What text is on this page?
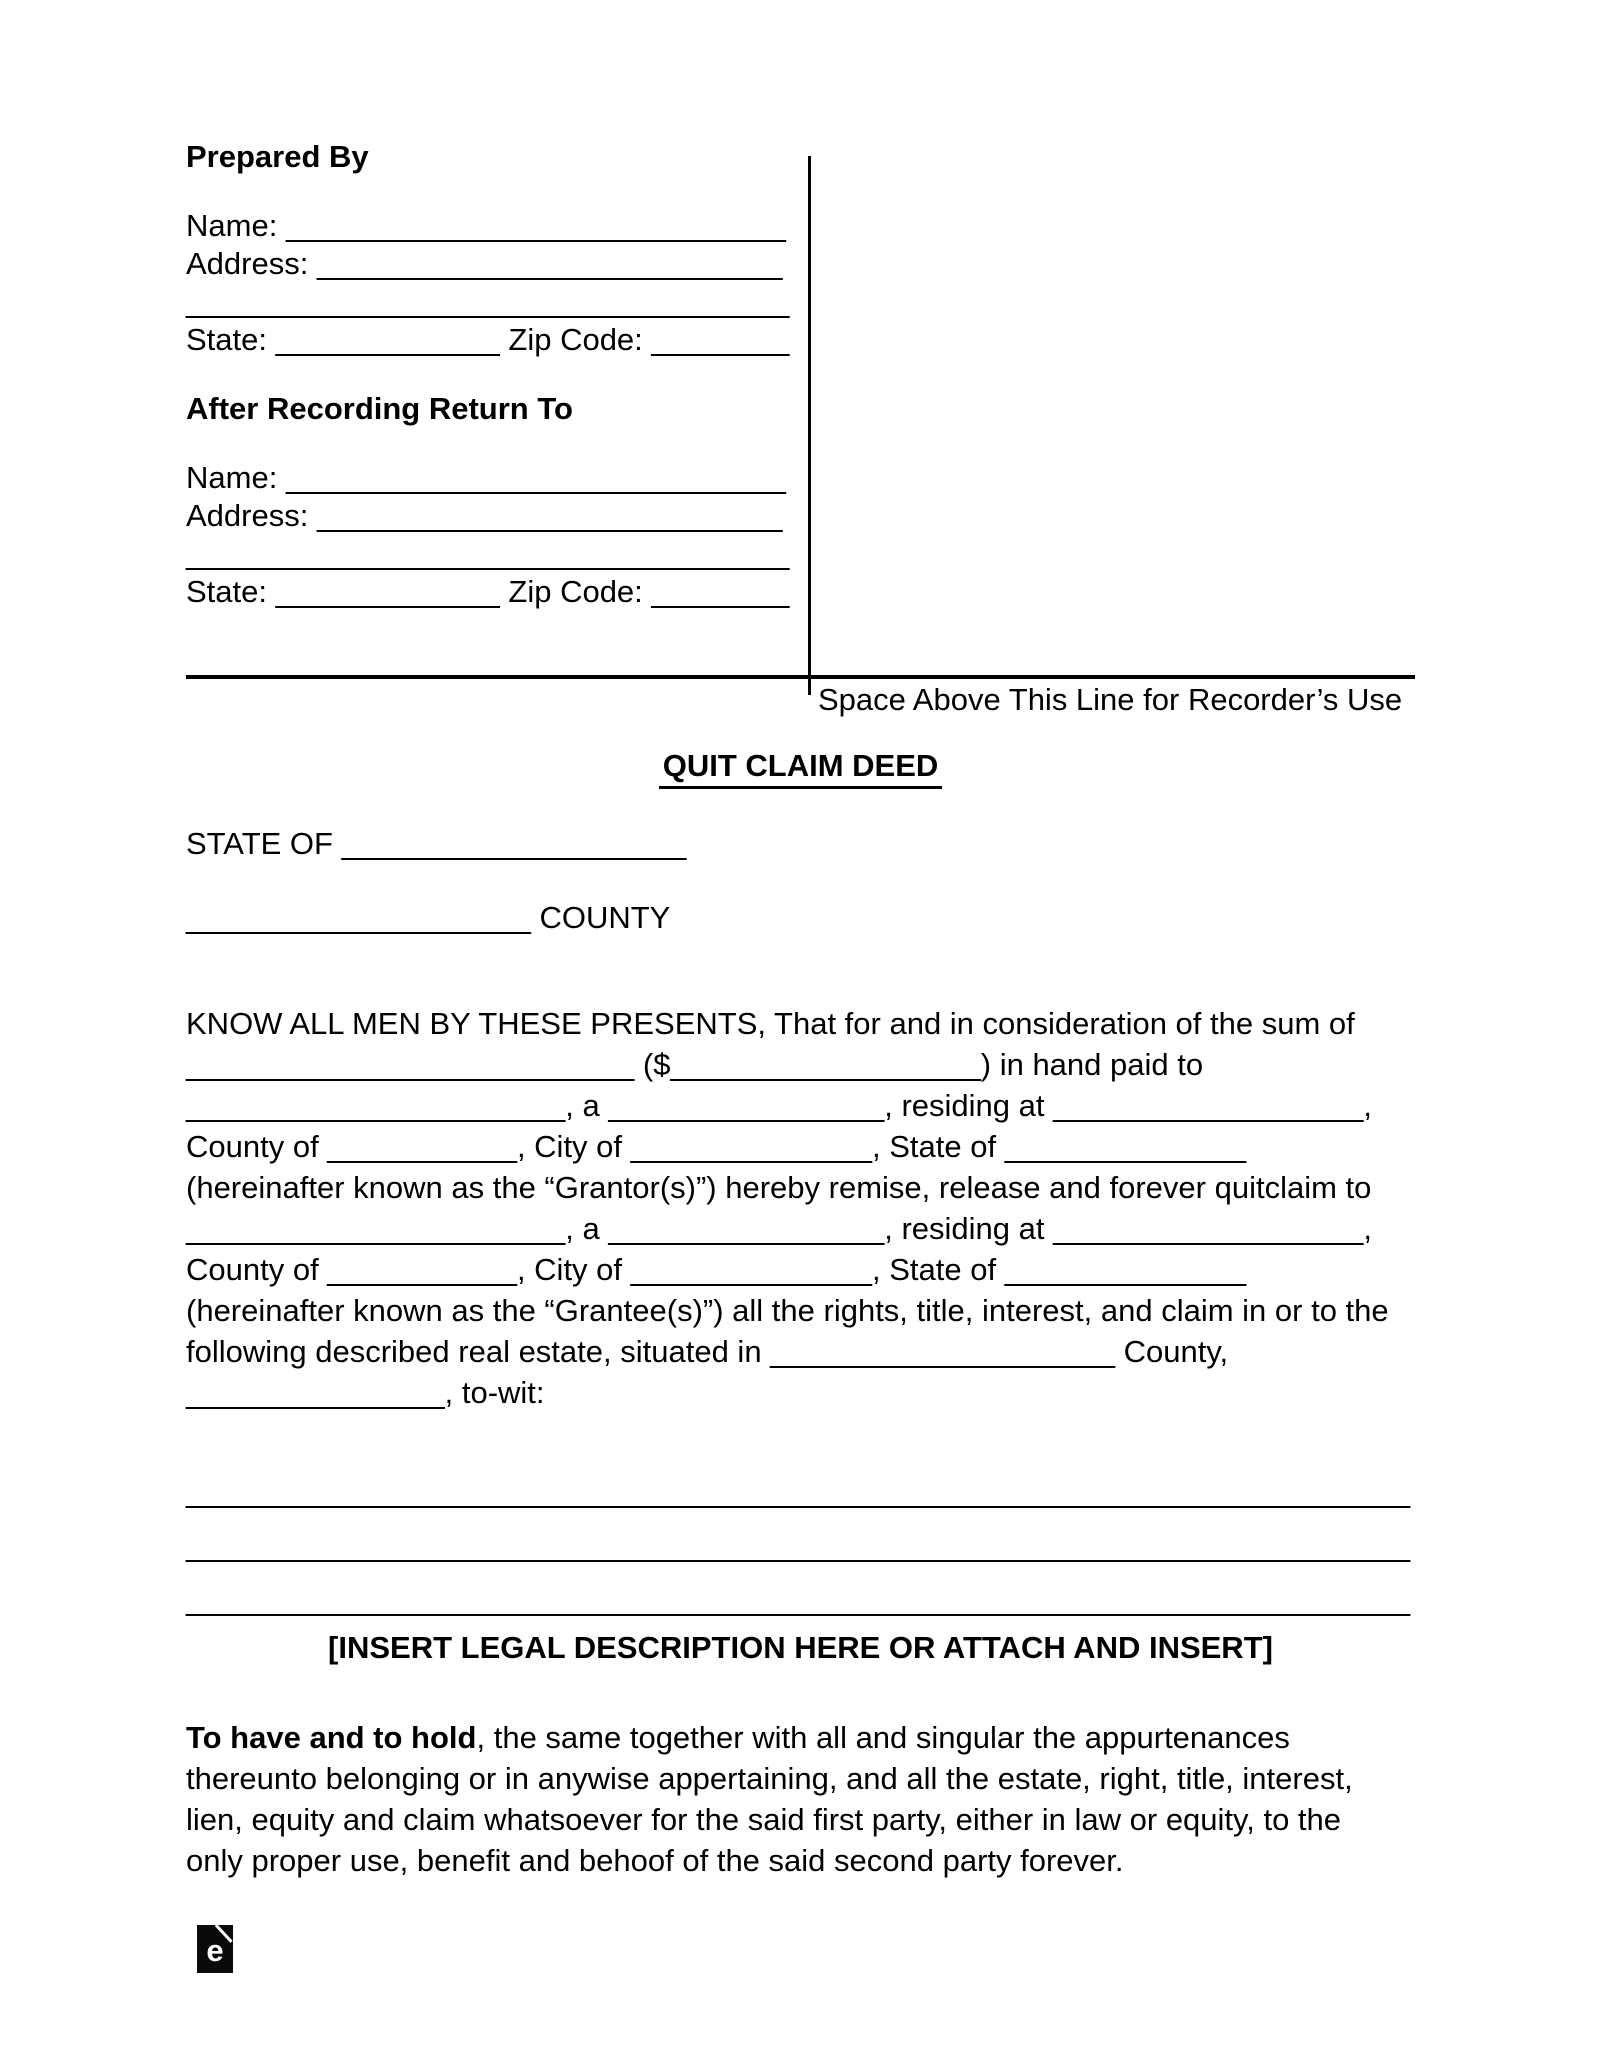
Prepared By
Name: _____________________________
Address: ___________________________
___________________________________
State: _____________ Zip Code: ________
After Recording Return To
Name: _____________________________
Address: ___________________________
___________________________________
State: _____________ Zip Code: ________
Space Above This Line for Recorder’s Use
QUIT CLAIM DEED
STATE OF ____________________
____________________ COUNTY
KNOW ALL MEN BY THESE PRESENTS, That for and in consideration of the sum of
__________________________ ($__________________) in hand paid to
______________________, a ________________, residing at __________________,
County of ___________, City of ______________, State of ______________
(hereinafter known as the “Grantor(s)”) hereby remise, release and forever quitclaim to
______________________, a ________________, residing at __________________,
County of ___________, City of ______________, State of ______________
(hereinafter known as the “Grantee(s)”) all the rights, title, interest, and claim in or to the
following described real estate, situated in ____________________ County,
_______________, to-wit:
_______________________________________________________________________
_______________________________________________________________________
_______________________________________________________________________
[INSERT LEGAL DESCRIPTION HERE OR ATTACH AND INSERT]
To have and to hold, the same together with all and singular the appurtenances
thereunto belonging or in anywise appertaining, and all the estate, right, title, interest,
lien, equity and claim whatsoever for the said first party, either in law or equity, to the
only proper use, benefit and behoof of the said second party forever.
e
